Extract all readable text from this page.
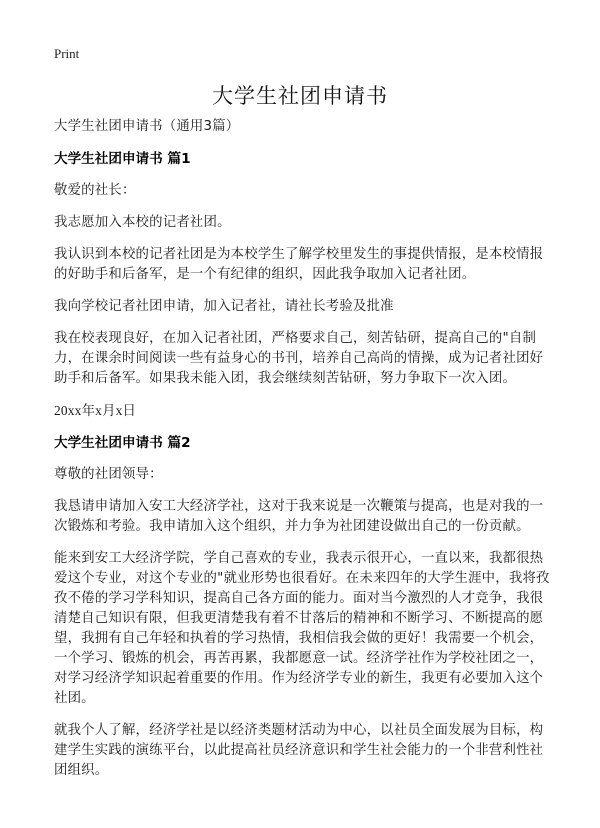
Print
大学生社团申请书

大学生社团申请书（通用3篇）

大学生社团申请书 篇1

敬爱的社长：

我志愿加入本校的记者社团。

我认识到本校的记者社团是为本校学生了解学校里发生的事提供情报，是本校情报的好助手和后备军，是一个有纪律的组织，因此我争取加入记者社团。

我向学校记者社团申请，加入记者社，请社长考验及批准

我在校表现良好，在加入记者社团，严格要求自己，刻苦钻研，提高自己的"自制力，在课余时间阅读一些有益身心的书刊，培养自己高尚的情操，成为记者社团好助手和后备军。如果我未能入团，我会继续刻苦钻研，努力争取下一次入团。

20xx年x月x日

大学生社团申请书 篇2

尊敬的社团领导：

我恳请申请加入安工大经济学社，这对于我来说是一次鞭策与提高，也是对我的一次锻炼和考验。我申请加入这个组织，并力争为社团建设做出自己的一份贡献。

能来到安工大经济学院，学自己喜欢的专业，我表示很开心，一直以来，我都很热爱这个专业，对这个专业的"就业形势也很看好。在未来四年的大学生涯中，我将孜孜不倦的学习学科知识，提高自己各方面的能力。面对当今激烈的人才竞争，我很清楚自己知识有限，但我更清楚我有着不甘落后的精神和不断学习、不断提高的愿望，我拥有自己年轻和执着的学习热情，我相信我会做的更好！我需要一个机会，一个学习、锻炼的机会，再苦再累，我都愿意一试。经济学社作为学校社团之一，对学习经济学知识起着重要的作用。作为经济学专业的新生，我更有必要加入这个社团。

就我个人了解，经济学社是以经济类题材活动为中心，以社员全面发展为目标，构建学生实践的演练平台，以此提高社员经济意识和学生社会能力的一个非营利性社团组织。
